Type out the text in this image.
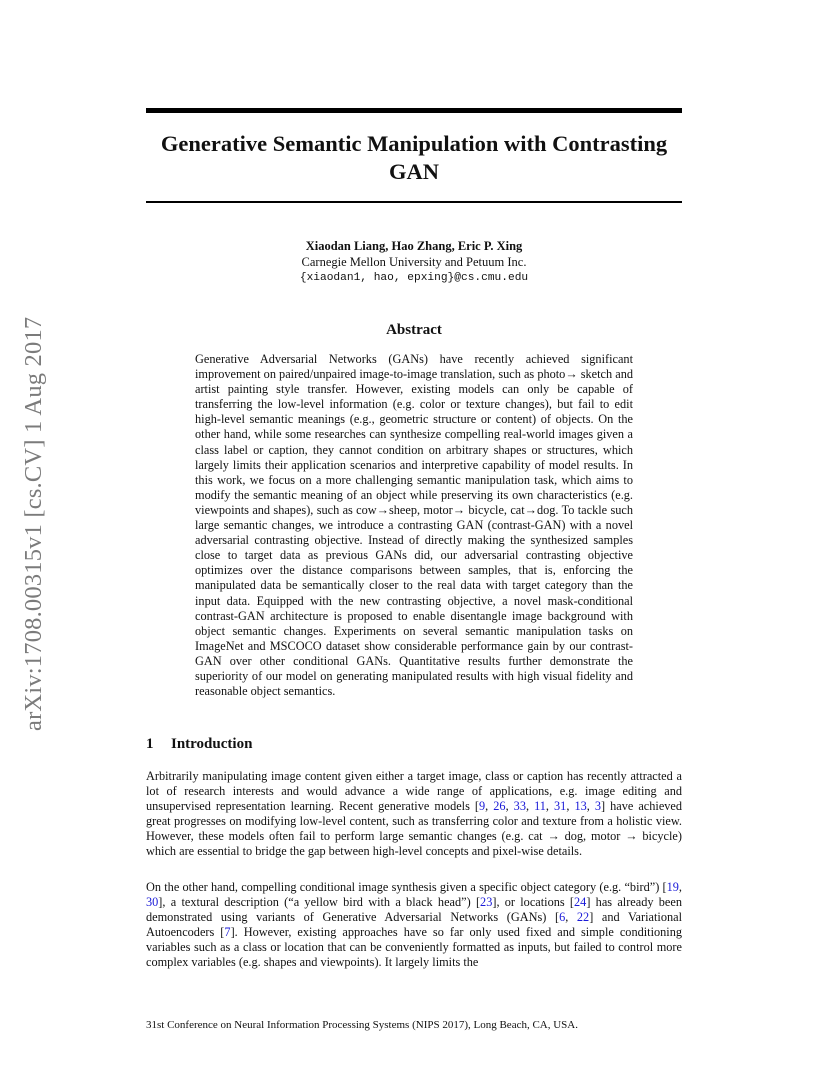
arXiv:1708.00315v1 [cs.CV] 1 Aug 2017
Generative Semantic Manipulation with Contrasting GAN
Xiaodan Liang, Hao Zhang, Eric P. Xing
Carnegie Mellon University and Petuum Inc.
{xiaodan1, hao, epxing}@cs.cmu.edu
Abstract
Generative Adversarial Networks (GANs) have recently achieved significant improvement on paired/unpaired image-to-image translation, such as photo→ sketch and artist painting style transfer. However, existing models can only be capable of transferring the low-level information (e.g. color or texture changes), but fail to edit high-level semantic meanings (e.g., geometric structure or content) of objects. On the other hand, while some researches can synthesize compelling real-world images given a class label or caption, they cannot condition on arbitrary shapes or structures, which largely limits their application scenarios and interpretive capability of model results. In this work, we focus on a more challenging semantic manipulation task, which aims to modify the semantic meaning of an object while preserving its own characteristics (e.g. viewpoints and shapes), such as cow→sheep, motor→ bicycle, cat→dog. To tackle such large semantic changes, we introduce a contrasting GAN (contrast-GAN) with a novel adversarial contrasting objective. Instead of directly making the synthesized samples close to target data as previous GANs did, our adversarial contrasting objective optimizes over the distance comparisons between samples, that is, enforcing the manipulated data be semantically closer to the real data with target category than the input data. Equipped with the new contrasting objective, a novel mask-conditional contrast-GAN architecture is proposed to enable disentangle image background with object semantic changes. Experiments on several semantic manipulation tasks on ImageNet and MSCOCO dataset show considerable performance gain by our contrast-GAN over other conditional GANs. Quantitative results further demonstrate the superiority of our model on generating manipulated results with high visual fidelity and reasonable object semantics.
1 Introduction
Arbitrarily manipulating image content given either a target image, class or caption has recently attracted a lot of research interests and would advance a wide range of applications, e.g. image editing and unsupervised representation learning. Recent generative models [9, 26, 33, 11, 31, 13, 3] have achieved great progresses on modifying low-level content, such as transferring color and texture from a holistic view. However, these models often fail to perform large semantic changes (e.g. cat → dog, motor → bicycle) which are essential to bridge the gap between high-level concepts and pixel-wise details.
On the other hand, compelling conditional image synthesis given a specific object category (e.g. “bird”) [19, 30], a textural description (“a yellow bird with a black head”) [23], or locations [24] has already been demonstrated using variants of Generative Adversarial Networks (GANs) [6, 22] and Variational Autoencoders [7]. However, existing approaches have so far only used fixed and simple conditioning variables such as a class or location that can be conveniently formatted as inputs, but failed to control more complex variables (e.g. shapes and viewpoints). It largely limits the
31st Conference on Neural Information Processing Systems (NIPS 2017), Long Beach, CA, USA.
